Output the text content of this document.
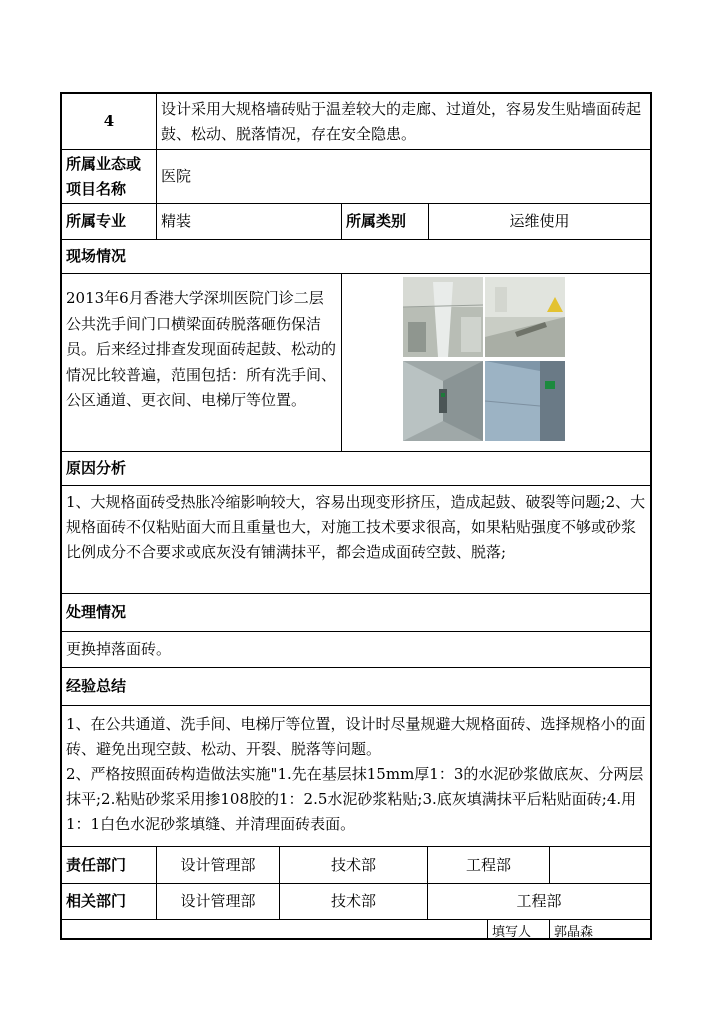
4
设计采用大规格墙砖贴于温差较大的走廊、过道处，容易发生贴墙面砖起鼓、松动、脱落情况，存在安全隐患。
所属业态或项目名称
医院
所属专业	精装	所属类别	运维使用
现场情况
2013年6月香港大学深圳医院门诊二层公共洗手间门口横梁面砖脱落砸伤保洁员。后来经过排查发现面砖起鼓、松动的情况比较普遍，范围包括：所有洗手间、公区通道、更衣间、电梯厅等位置。
原因分析
1、大规格面砖受热胀冷缩影响较大，容易出现变形挤压，造成起鼓、破裂等问题;2、大规格面砖不仅粘贴面大而且重量也大，对施工技术要求很高，如果粘贴强度不够或砂浆比例成分不合要求或底灰没有铺满抹平，都会造成面砖空鼓、脱落;
处理情况
更换掉落面砖。
经验总结
1、在公共通道、洗手间、电梯厅等位置，设计时尽量规避大规格面砖、选择规格小的面砖、避免出现空鼓、松动、开裂、脱落等问题。
2、严格按照面砖构造做法实施"1.先在基层抹15mm厚1：3的水泥砂浆做底灰、分两层抹平;2.粘贴砂浆采用掺108胶的1：2.5水泥砂浆粘贴;3.底灰填满抹平后粘贴面砖;4.用1：1白色水泥砂浆填缝、并清理面砖表面。
责任部门	设计管理部	技术部	工程部
相关部门	设计管理部	技术部	工程部
填写人	郭晶森
